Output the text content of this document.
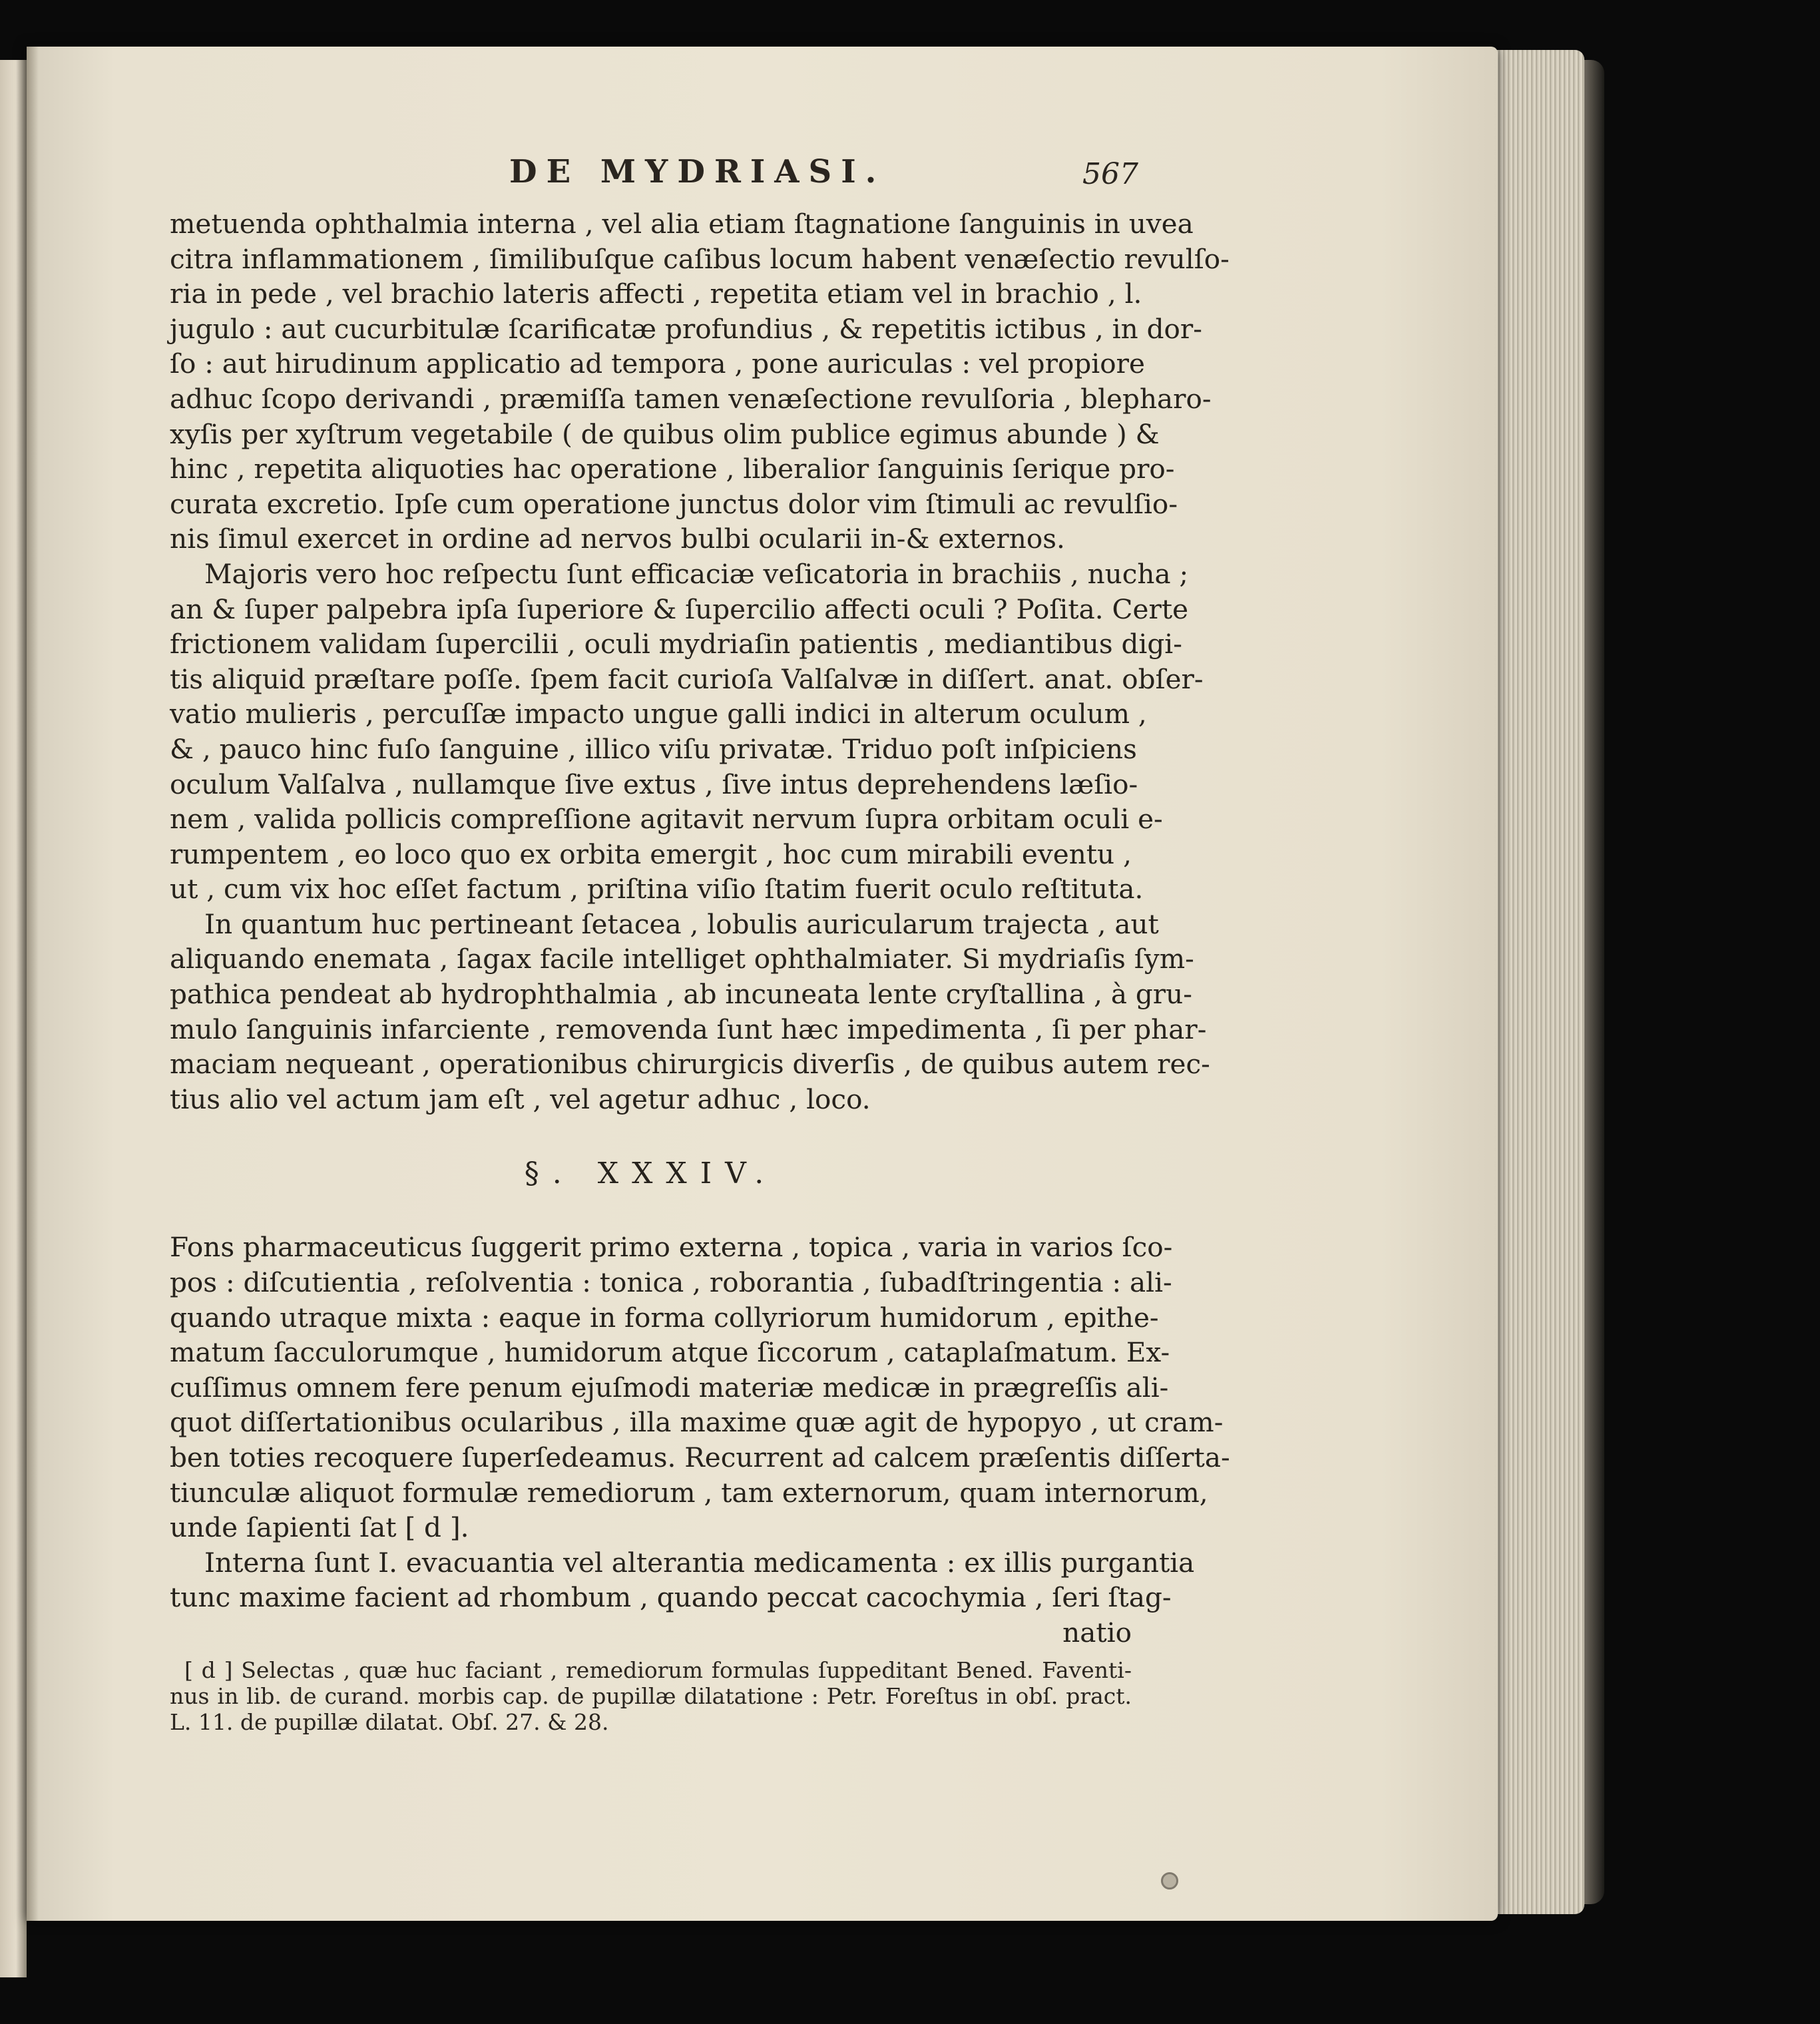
DE MYDRIASI.	567

metuenda ophthalmia interna , vel alia etiam ſtagnatione ſanguinis in uvea
citra inflammationem , ſimilibuſque caſibus locum habent venæſectio revulſo-
ria in pede , vel brachio lateris affecti , repetita etiam vel in brachio , l.
jugulo : aut cucurbitulæ ſcarificatæ profundius , & repetitis ictibus , in dor-
ſo : aut hirudinum applicatio ad tempora , pone auriculas : vel propiore
adhuc ſcopo derivandi , præmiſſa tamen venæſectione revulſoria , blepharo-
xyſis per xyſtrum vegetabile ( de quibus olim publice egimus abunde ) &
hinc , repetita aliquoties hac operatione , liberalior ſanguinis ſerique pro-
curata excretio. Ipſe cum operatione junctus dolor vim ſtimuli ac revulſio-
nis ſimul exercet in ordine ad nervos bulbi ocularii in-& externos.

Majoris vero hoc reſpectu ſunt efficaciæ veſicatoria in brachiis , nucha ;
an & ſuper palpebra ipſa ſuperiore & ſupercilio affecti oculi ? Poſita. Certe
frictionem validam ſupercilii , oculi mydriaſin patientis , mediantibus digi-
tis aliquid præſtare poſſe. ſpem facit curioſa Valſalvæ in diſſert. anat. obſer-
vatio mulieris , percuſſæ impacto ungue galli indici in alterum oculum ,
& , pauco hinc fuſo ſanguine , illico viſu privatæ. Triduo poſt inſpiciens
oculum Valſalva , nullamque ſive extus , ſive intus deprehendens læſio-
nem , valida pollicis compreſſione agitavit nervum ſupra orbitam oculi e-
rumpentem , eo loco quo ex orbita emergit , hoc cum mirabili eventu ,
ut , cum vix hoc eſſet factum , priſtina viſio ſtatim fuerit oculo reſtituta.

In quantum huc pertineant ſetacea , lobulis auricularum trajecta , aut
aliquando enemata , ſagax facile intelliget ophthalmiater. Si mydriaſis ſym-
pathica pendeat ab hydrophthalmia , ab incuneata lente cryſtallina , à gru-
mulo ſanguinis infarciente , removenda ſunt hæc impedimenta , ſi per phar-
maciam nequeant , operationibus chirurgicis diverſis , de quibus autem rec-
tius alio vel actum jam eſt , vel agetur adhuc , loco.

§. XXXIV.

Fons pharmaceuticus ſuggerit primo externa , topica , varia in varios ſco-
pos : diſcutientia , reſolventia : tonica , roborantia , ſubadſtringentia : ali-
quando utraque mixta : eaque in forma collyriorum humidorum , epithe-
matum ſacculorumque , humidorum atque ſiccorum , cataplaſmatum. Ex-
cuſſimus omnem fere penum ejuſmodi materiæ medicæ in prægreſſis ali-
quot diſſertationibus ocularibus , illa maxime quæ agit de hypopyo , ut cram-
ben toties recoquere ſuperſedeamus. Recurrent ad calcem præſentis diſſerta-
tiunculæ aliquot formulæ remediorum , tam externorum, quam internorum,
unde ſapienti ſat [ d ].

Interna ſunt I. evacuantia vel alterantia medicamenta : ex illis purgantia
tunc maxime facient ad rhombum , quando peccat cacochymia , ſeri ſtag-
natio

[ d ] Selectas , quæ huc faciant , remediorum formulas ſuppeditant Bened. Faventi-
nus in lib. de curand. morbis cap. de pupillæ dilatatione : Petr. Foreſtus in obſ. pract.
L. 11. de pupillæ dilatat. Obſ. 27. & 28.
